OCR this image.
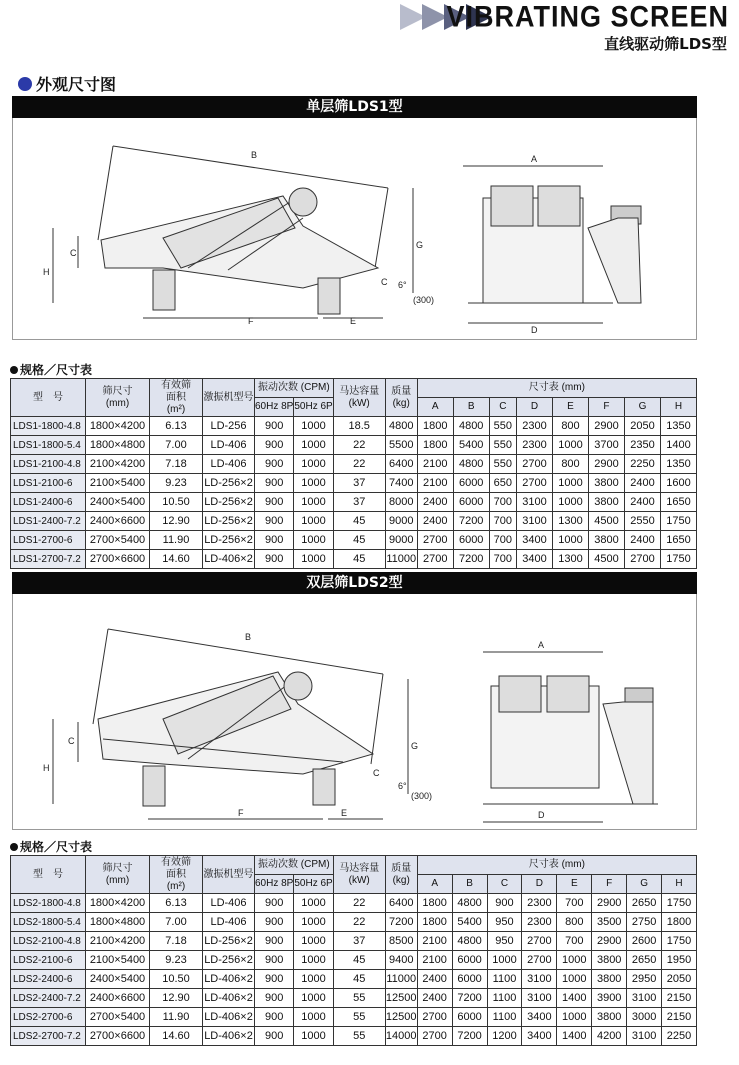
VIBRATING SCREEN
直线驱动筛LDS型
外观尺寸图
单层筛LDS1型
B
H
C
G
F	E
C 6°
(300)
A
D
规格／尺寸表
型　号	筛尺寸
(mm)	有效筛
面积
(m²)	激振机型号	振动次数 (CPM)		马达容量
(kW)	质量
(kg)	尺寸表 (mm)							
				60Hz 8P	50Hz 6P			A	B	C	D	E	F	G	H
LDS1-1800-4.8	1800×4200	6.13	LD-256	900	1000	18.5	4800	1800	4800	550	2300	800	2900	2050	1350
LDS1-1800-5.4	1800×4800	7.00	LD-406	900	1000	22	5500	1800	5400	550	2300	1000	3700	2350	1400
LDS1-2100-4.8	2100×4200	7.18	LD-406	900	1000	22	6400	2100	4800	550	2700	800	2900	2250	1350
LDS1-2100-6	2100×5400	9.23	LD-256×2	900	1000	37	7400	2100	6000	650	2700	1000	3800	2400	1600
LDS1-2400-6	2400×5400	10.50	LD-256×2	900	1000	37	8000	2400	6000	700	3100	1000	3800	2400	1650
LDS1-2400-7.2	2400×6600	12.90	LD-256×2	900	1000	45	9000	2400	7200	700	3100	1300	4500	2550	1750
LDS1-2700-6	2700×5400	11.90	LD-256×2	900	1000	45	9000	2700	6000	700	3400	1000	3800	2400	1650
LDS1-2700-7.2	2700×6600	14.60	LD-406×2	900	1000	45	11000	2700	7200	700	3400	1300	4500	2700	1750
双层筛LDS2型
B
H
C	G
F	E
C
6°
(300)
A
D
规格／尺寸表
型　号	筛尺寸
(mm)	有效筛
面积
(m²)	激振机型号	振动次数 (CPM)		马达容量
(kW)	质量
(kg)	尺寸表 (mm)							
				60Hz 8P	50Hz 6P			A	B	C	D	E	F	G	H
LDS2-1800-4.8	1800×4200	6.13	LD-406	900	1000	22	6400	1800	4800	900	2300	700	2900	2650	1750
LDS2-1800-5.4	1800×4800	7.00	LD-406	900	1000	22	7200	1800	5400	950	2300	800	3500	2750	1800
LDS2-2100-4.8	2100×4200	7.18	LD-256×2	900	1000	37	8500	2100	4800	950	2700	700	2900	2600	1750
LDS2-2100-6	2100×5400	9.23	LD-256×2	900	1000	45	9400	2100	6000	1000	2700	1000	3800	2650	1950
LDS2-2400-6	2400×5400	10.50	LD-406×2	900	1000	45	11000	2400	6000	1100	3100	1000	3800	2950	2050
LDS2-2400-7.2	2400×6600	12.90	LD-406×2	900	1000	55	12500	2400	7200	1100	3100	1400	3900	3100	2150
LDS2-2700-6	2700×5400	11.90	LD-406×2	900	1000	55	12500	2700	6000	1100	3400	1000	3800	3000	2150
LDS2-2700-7.2	2700×6600	14.60	LD-406×2	900	1000	55	14000	2700	7200	1200	3400	1400	4200	3100	2250
